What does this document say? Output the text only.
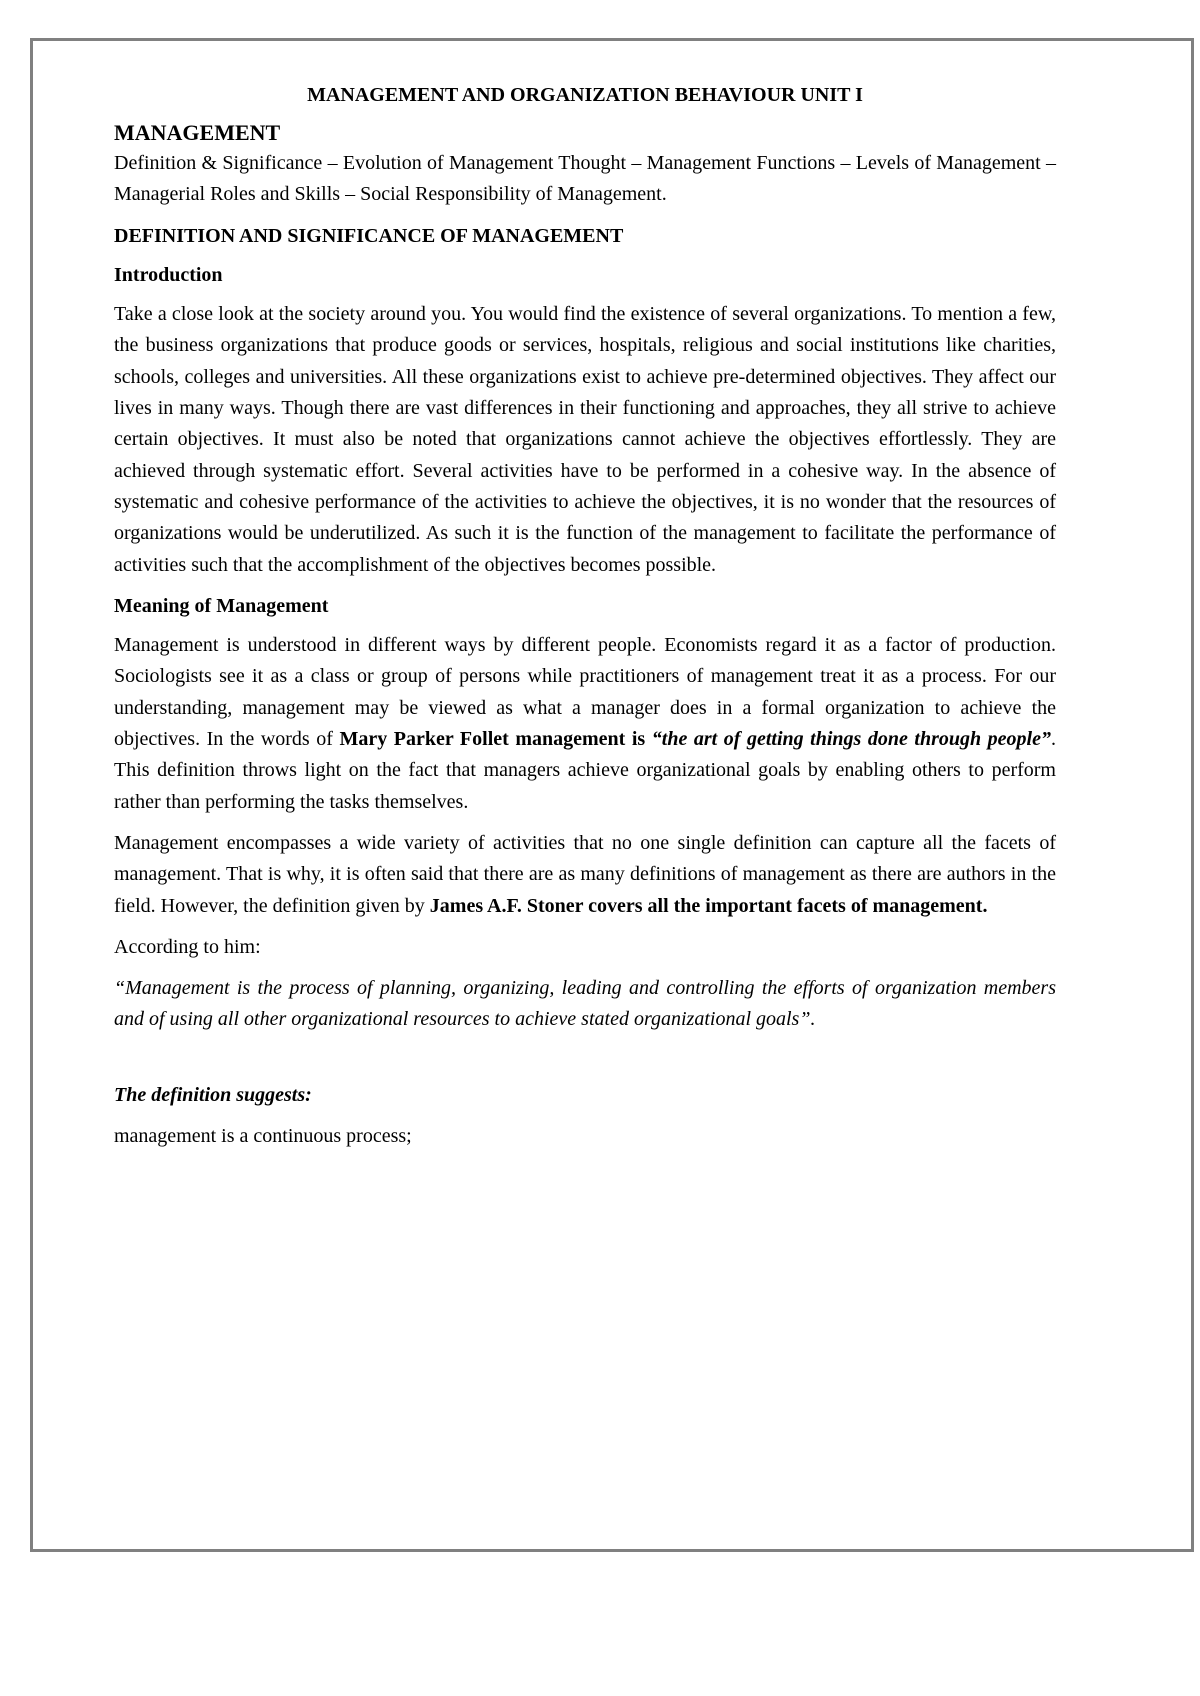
MANAGEMENT AND ORGANIZATION BEHAVIOUR UNIT I
MANAGEMENT
Definition & Significance – Evolution of Management Thought – Management Functions – Levels of Management – Managerial Roles and Skills – Social Responsibility of Management.
DEFINITION AND SIGNIFICANCE OF MANAGEMENT
Introduction
Take a close look at the society around you. You would find the existence of several organizations. To mention a few, the business organizations that produce goods or services, hospitals, religious and social institutions like charities, schools, colleges and universities. All these organizations exist to achieve pre-determined objectives. They affect our lives in many ways. Though there are vast differences in their functioning and approaches, they all strive to achieve certain objectives. It must also be noted that organizations cannot achieve the objectives effortlessly. They are achieved through systematic effort. Several activities have to be performed in a cohesive way. In the absence of systematic and cohesive performance of the activities to achieve the objectives, it is no wonder that the resources of organizations would be underutilized. As such it is the function of the management to facilitate the performance of activities such that the accomplishment of the objectives becomes possible.
Meaning of Management
Management is understood in different ways by different people. Economists regard it as a factor of production. Sociologists see it as a class or group of persons while practitioners of management treat it as a process. For our understanding, management may be viewed as what a manager does in a formal organization to achieve the objectives. In the words of Mary Parker Follet management is “the art of getting things done through people”. This definition throws light on the fact that managers achieve organizational goals by enabling others to perform rather than performing the tasks themselves.
Management encompasses a wide variety of activities that no one single definition can capture all the facets of management. That is why, it is often said that there are as many definitions of management as there are authors in the field. However, the definition given by James A.F. Stoner covers all the important facets of management.
According to him:
“Management is the process of planning, organizing, leading and controlling the efforts of organization members and of using all other organizational resources to achieve stated organizational goals”.
The definition suggests:
management is a continuous process;
